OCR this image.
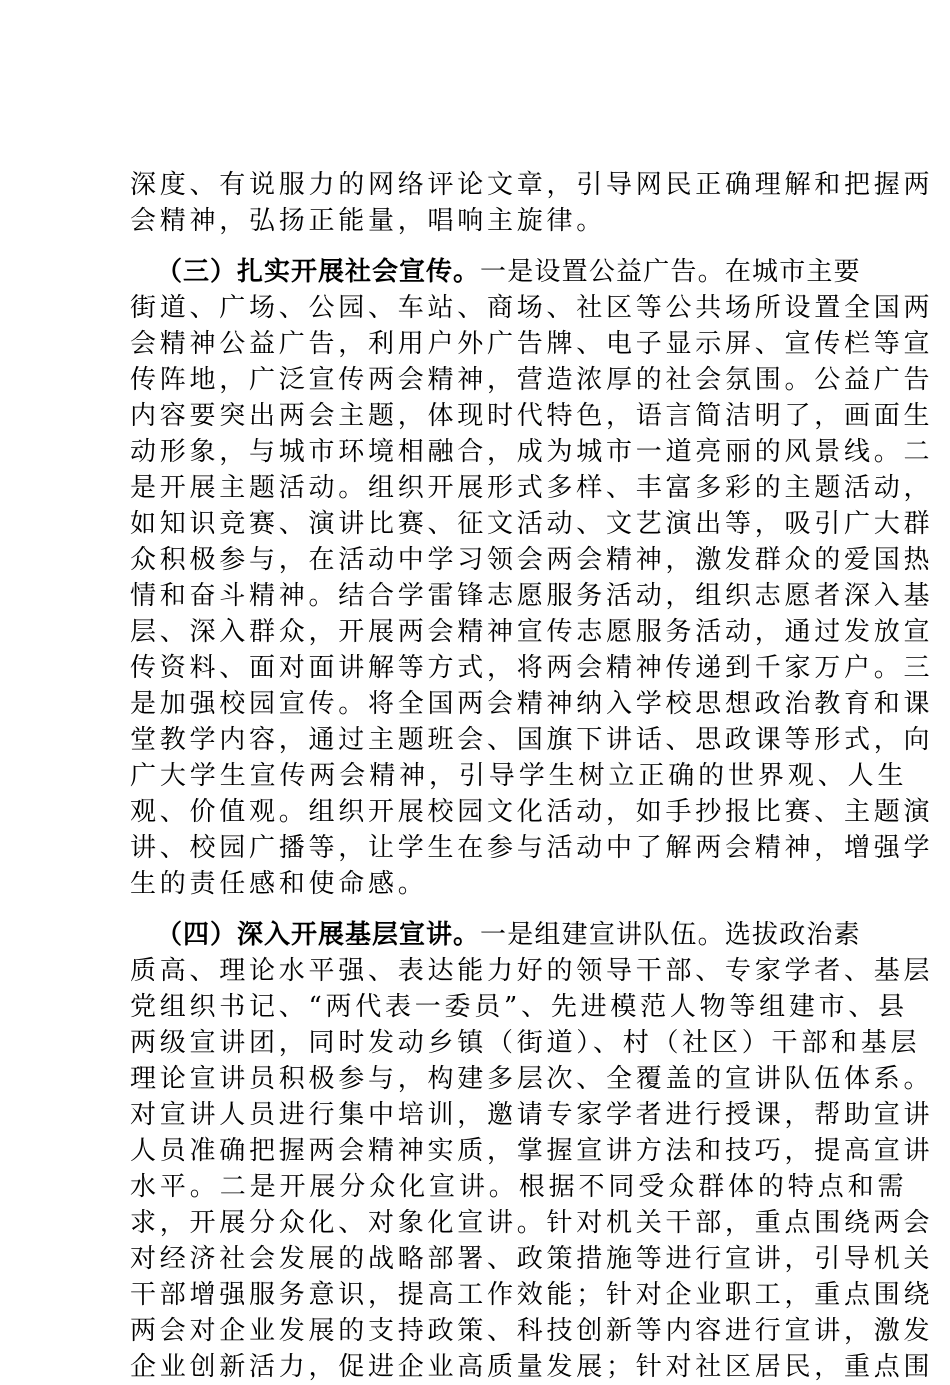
深度、有说服力的网络评论文章，引导网民正确理解和把握两
会精神，弘扬正能量，唱响主旋律。
（三）扎实开展社会宣传。一是设置公益广告。在城市主要
街道、广场、公园、车站、商场、社区等公共场所设置全国两
会精神公益广告，利用户外广告牌、电子显示屏、宣传栏等宣
传阵地，广泛宣传两会精神，营造浓厚的社会氛围。公益广告
内容要突出两会主题，体现时代特色，语言简洁明了，画面生
动形象，与城市环境相融合，成为城市一道亮丽的风景线。二
是开展主题活动。组织开展形式多样、丰富多彩的主题活动，
如知识竞赛、演讲比赛、征文活动、文艺演出等，吸引广大群
众积极参与，在活动中学习领会两会精神，激发群众的爱国热
情和奋斗精神。结合学雷锋志愿服务活动，组织志愿者深入基
层、深入群众，开展两会精神宣传志愿服务活动，通过发放宣
传资料、面对面讲解等方式，将两会精神传递到千家万户。三
是加强校园宣传。将全国两会精神纳入学校思想政治教育和课
堂教学内容，通过主题班会、国旗下讲话、思政课等形式，向
广大学生宣传两会精神，引导学生树立正确的世界观、人生
观、价值观。组织开展校园文化活动，如手抄报比赛、主题演
讲、校园广播等，让学生在参与活动中了解两会精神，增强学
生的责任感和使命感。
（四）深入开展基层宣讲。一是组建宣讲队伍。选拔政治素
质高、理论水平强、表达能力好的领导干部、专家学者、基层
党组织书记、“两代表一委员”、先进模范人物等组建市、县
两级宣讲团，同时发动乡镇（街道）、村（社区）干部和基层
理论宣讲员积极参与，构建多层次、全覆盖的宣讲队伍体系。
对宣讲人员进行集中培训，邀请专家学者进行授课，帮助宣讲
人员准确把握两会精神实质，掌握宣讲方法和技巧，提高宣讲
水平。二是开展分众化宣讲。根据不同受众群体的特点和需
求，开展分众化、对象化宣讲。针对机关干部，重点围绕两会
对经济社会发展的战略部署、政策措施等进行宣讲，引导机关
干部增强服务意识，提高工作效能；针对企业职工，重点围绕
两会对企业发展的支持政策、科技创新等内容进行宣讲，激发
企业创新活力，促进企业高质量发展；针对社区居民，重点围
